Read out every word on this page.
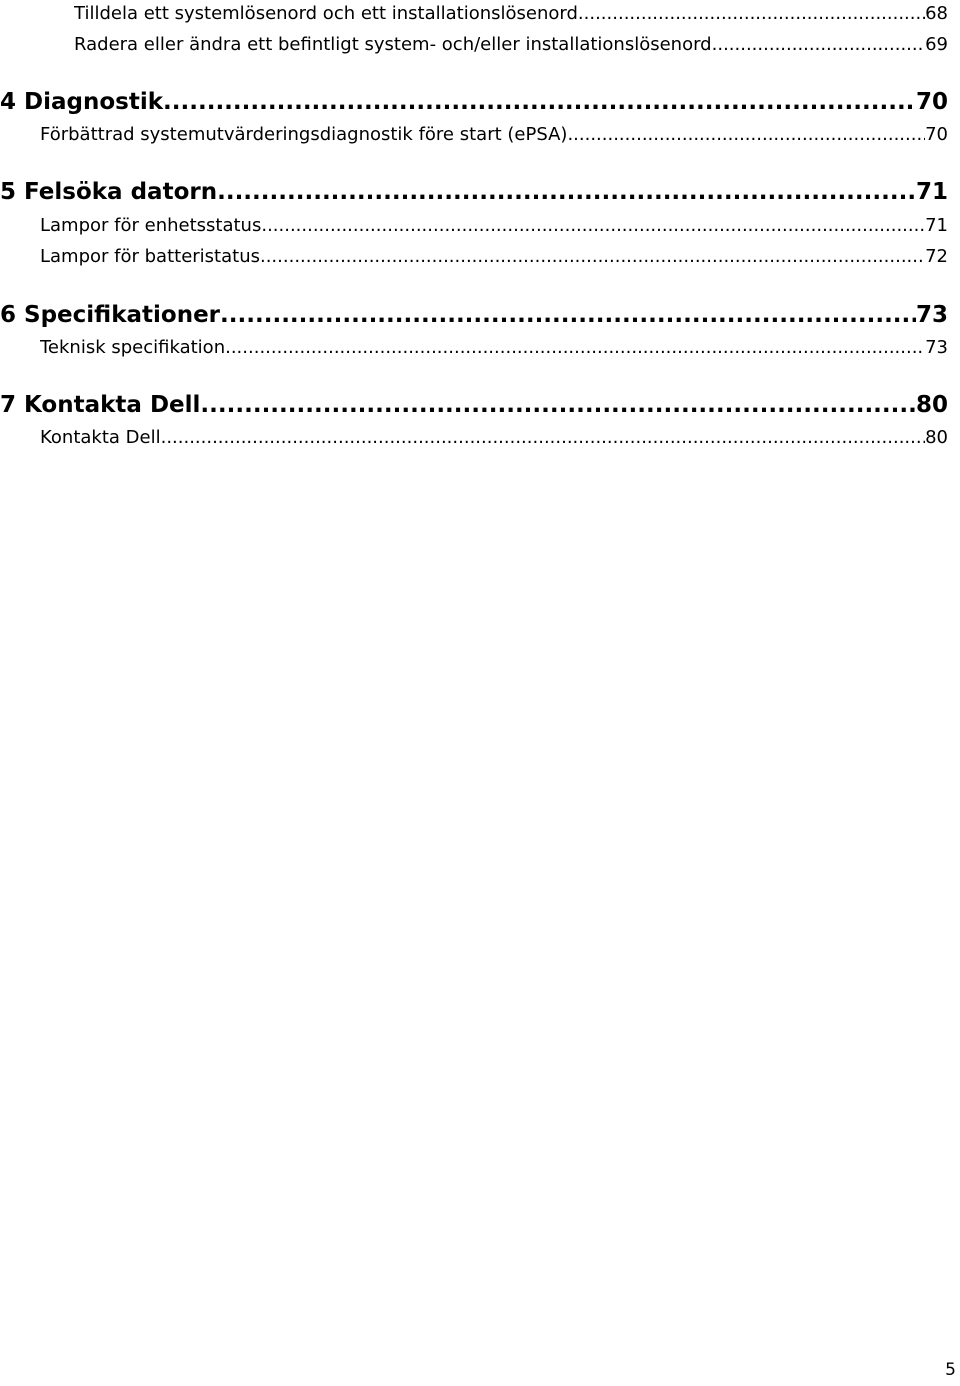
Tilldela ett systemlösenord och ett installationslösenord .....	68
Radera eller ändra ett befintligt system- och/eller installationslösenord .....	69
4 Diagnostik .....	70
Förbättrad systemutvärderingsdiagnostik före start (ePSA) .....	70
5 Felsöka datorn .....	71
Lampor för enhetsstatus .....	71
Lampor för batteristatus .....	72
6 Specifikationer .....	73
Teknisk specifikation .....	73
7 Kontakta Dell .....	80
Kontakta Dell .....	80
5
